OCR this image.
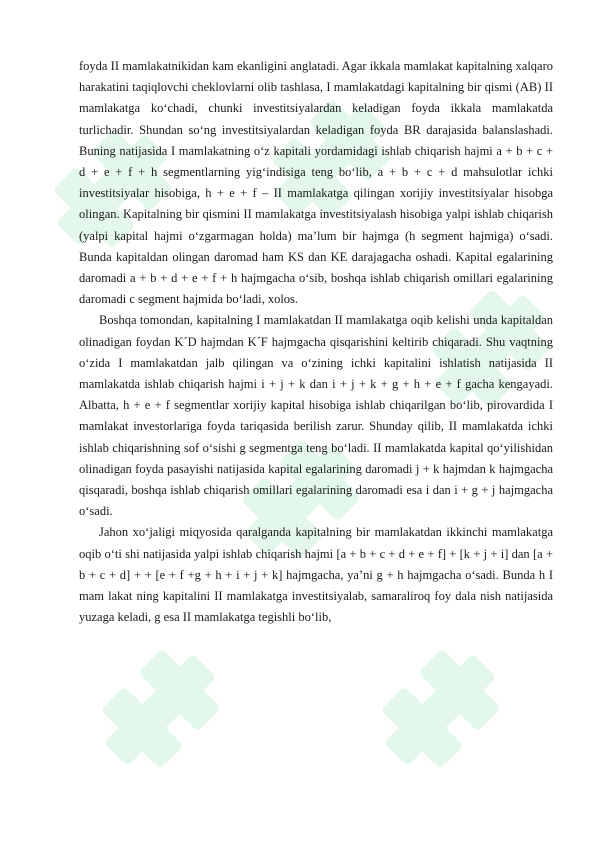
foyda II mamlakatnikidan kam ekanligini anglatadi. Agar ikkala mamlakat kapitalning xalqaro harakatini taqiqlovchi cheklovlarni olib tashlasa, I mamlakatdagi kapitalning bir qismi (AB) II mamlakatga ko‘chadi, chunki investitsiyalardan keladigan foyda ikkala mamlakatda turlichadir. Shundan so‘ng investitsiyalardan keladigan foyda BR darajasida balanslashadi. Buning natijasida I mamlakatning o‘z kapitali yordamidagi ishlab chiqarish hajmi a + b + c + d + e + f + h segmentlarning yig‘indisiga teng bo‘lib, a + b + c + d mahsulotlar ichki investitsiyalar hisobiga, h + e + f – II mamlakatga qilingan xorijiy investitsiyalar hisobga olingan. Kapitalning bir qismini II mamlakatga investitsiyalash hisobiga yalpi ishlab chiqarish (yalpi kapital hajmi o‘zgarmagan holda) ma’lum bir hajmga (h segment hajmiga) o‘sadi. Bunda kapitaldan olingan daromad ham KS dan KE darajagacha oshadi. Kapital egalarining daromadi a + b + d + e + f + h hajmgacha o‘sib, boshqa ishlab chiqarish omillari egalarining daromadi c segment hajmida bo‘ladi, xolos.

Boshqa tomondan, kapitalning I mamlakatdan II mamlakatga oqib kelishi unda kapitaldan olinadigan foydan K´D hajmdan K´F hajmgacha qisqarishini keltirib chiqaradi. Shu vaqtning o‘zida I mamlakatdan jalb qilingan va o‘zining ichki kapitalini ishlatish natijasida II mamlakatda ishlab chiqarish hajmi i + j + k dan i + j + k + g + h + e + f gacha kengayadi. Albatta, h + e + f segmentlar xorijiy kapital hisobiga ishlab chiqarilgan bo‘lib, pirovardida I mamlakat investorlariga foyda tariqasida berilish zarur. Shunday qilib, II mamlakatda ichki ishlab chiqarishning sof o‘sishi g segmentga teng bo‘ladi. II mamlakatda kapital qo‘yilishidan olinadigan foyda pasayishi natijasida kapital egalarining daromadi j + k hajmdan k hajmgacha qisqaradi, boshqa ishlab chiqarish omillari egalarining daromadi esa i dan i + g + j hajmgacha o‘sadi.

Jahon xo‘jaligi miqyosida qaralganda kapitalning bir mamlakatdan ikkinchi mamlakatga oqib o‘ti shi natijasida yalpi ishlab chiqarish hajmi [a + b + c + d + e + f] + [k + j + i] dan [a + b + c + d] + + [e + f +g + h + i + j + k] hajmgacha, ya’ni g + h hajmgacha o‘sadi. Bunda h I mam lakat ning kapitalini II mamlakatga investitsiyalab, samaraliroq foy dala nish natijasida yuzaga keladi, g esa II mamlakatga tegishli bo‘lib,
